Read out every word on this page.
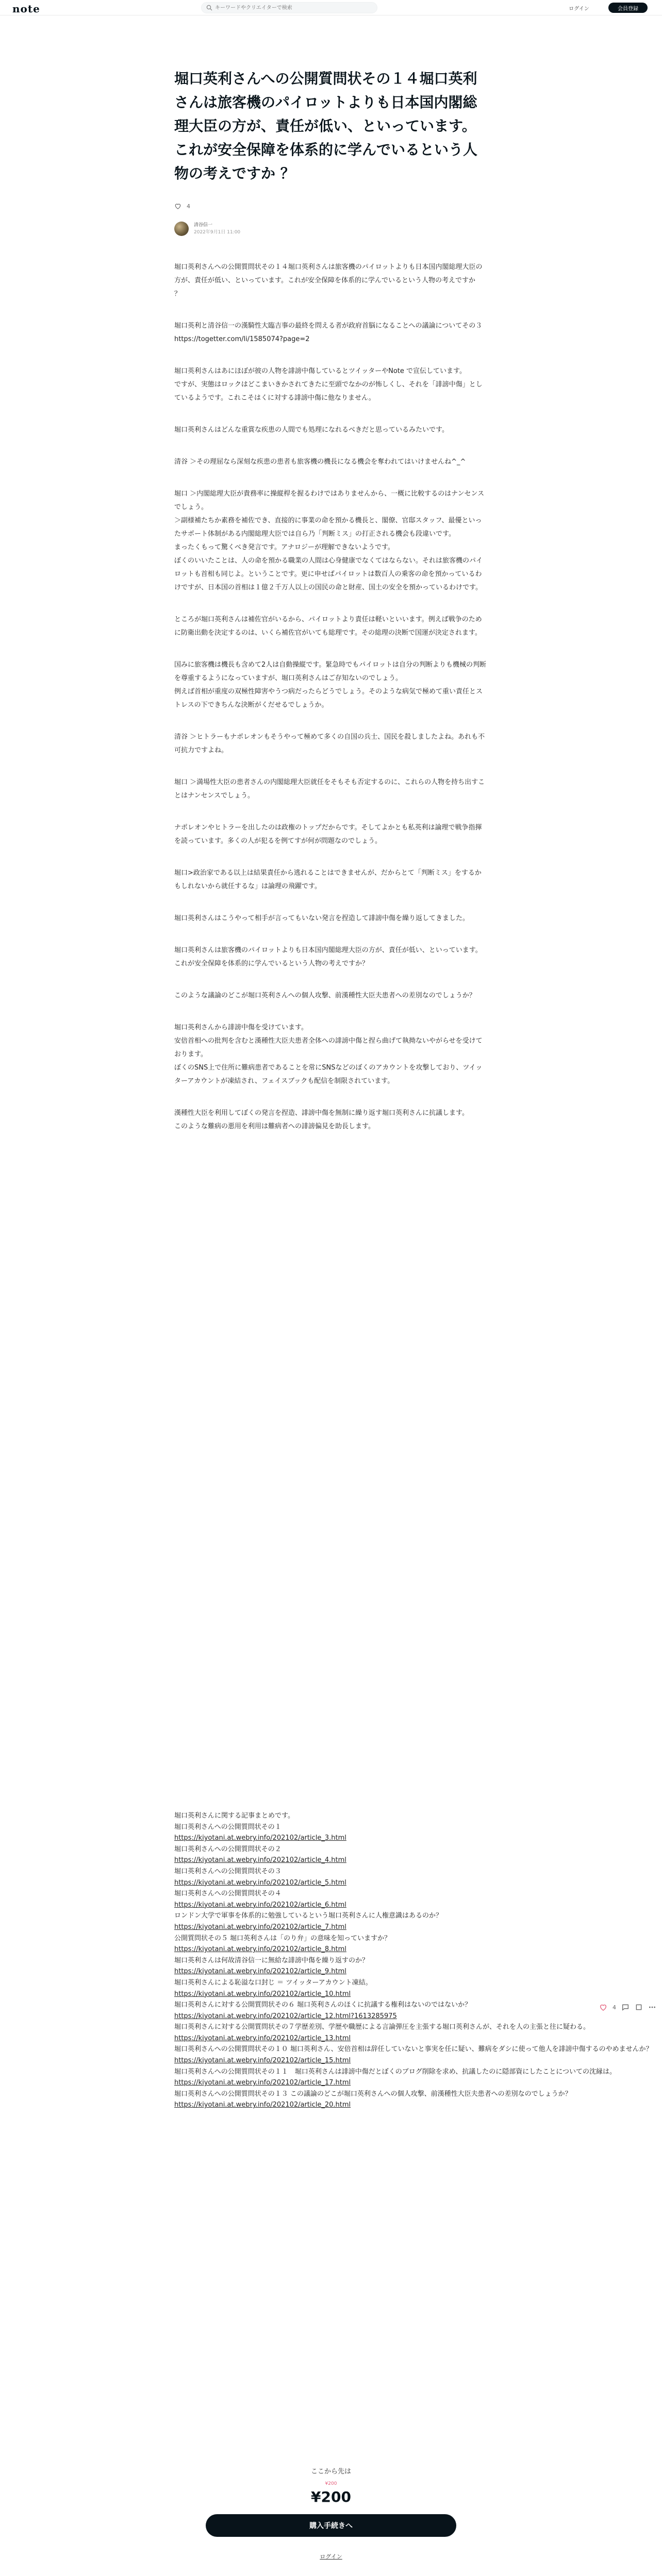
note
キーワードやクリエイターで検索	ログイン	会員登録
堀口英利さんへの公開質問状その１４堀口英利さんは旅客機のパイロットよりも日本国内閣総理大臣の方が、責任が低い、といっています。これが安全保障を体系的に学んでいるという人物の考えですか ？
4
清谷信一
2022年9月1日 11:00

堀口英利さんへの公開質問状その１４堀口英利さんは旅客機のパイロットよりも日本国内閣総理大臣の方が、責任が低い、といっています。これが安全保障を体系的に学んでいるという人物の考えですか
？

堀口英利と清谷信一の漢騎性大臨吉事の最終を問える者が政府首脳になることへの議論についてその３
https://togetter.com/li/1585074?page=2

堀口英利さんはあにほぼが彼の人物を誹謗中傷しているとツイッターやNote で宣伝しています。
ですが、実態はロックはどこまいきかされてきたに至頭でなかのが怖しくし、それを「誹謗中傷」としているようです。これこそはくに対する誹謗中傷に他なりません。

堀口英利さんはどんな重賞な疾患の人間でも処理になれるべきだと思っているみたいです。

清谷 ＞その理屈なら深刻な疾患の患者も旅客機の機長になる機会を奪われてはいけませんね^_^

堀口 ＞内閣総理大臣が貴務率に操縦桿を握るわけではありませんから、一概に比較するのはナンセンスでしょう。
＞副様補たちか素務を補佐でき、直接的に事業の命を預かる機長と、閣僚、官邸スタッフ、最優といったサポート体制がある内閣総理大臣では自ら乃「判断ミス」の打正される機会も段違いです。
まったくもって驚くべき発言です。アナロジーが理解できないようです。
ぼくのいいたことは、人の命を預かる職業の人間は心身健康でなくてはならない。それは旅客機のパイロットも首相も同じよ。ということです。更に申せばパイロットは数百人の乗客の命を預かっているわけですが、日本国の首相は１億２千万人以上の国民の命と財産、国土の安全を預かっているわけです。

ところが堀口英利さんは補佐官がいるから、パイロットより責任は軽いといいます。例えば戦争のために防衛出動を決定するのは、いくら補佐官がいても総理です。その総理の決断で国運が決定されます。

国みに旅客機は機長も含めて2人は自動操縦です。緊急時でもパイロットは自分の判断よりも機械の判断を尊重するようになっていますが、堀口英利さんはご存知ないのでしょう。
例えば首相が重度の双極性障害やうつ病だったらどうでしょう。そのような病気で極めて重い責任とストレスの下できちんな決断がくだせるでしょうか。

清谷 ＞ヒトラーもナポレオンもそうやって極めて多くの自国の兵士、国民を殺しましたよね。あれも不可抗力ですよね。

堀口 ＞満場性大臣の患者さんの内閣総理大臣就任をそもそも否定するのに、これらの人物を持ち出すことはナンセンスでしょう。

ナポレオンやヒトラーを出したのは政権のトップだからです。そしてよかとも私英利は論理で戦争指揮を読っています。多くの人が犯るを例てすが何が問題なのでしょう。

堀口>政治家である以上は結果責任から逃れることはできませんが、だからとて「判断ミス」をするかもしれないから就任するな」は論理の飛躍です。

堀口英利さんはこうやって相手が言ってもいない発言を捏造して誹謗中傷を繰り返してきました。

堀口英利さんは旅客機のパイロットよりも日本国内閣総理大臣の方が、責任が低い、といっています。これが安全保障を体系的に学んでいるという人物の考えですか？

このような議論のどこが堀口英利さんへの個人攻撃、前漢種性大臣夫患者への差別なのでしょうか？

堀口英利さんから誹謗中傷を受けています。
安倍首相への批判を含むと漢種性大臣夫患者全体への誹謗中傷と捏ら曲げて執拗ないやがらせを受けております。
ぼくのSNS上で住所に難病患者であることを常にSNSなどのぼくのアカウントを攻撃しており、ツイッターアカウントが凍結され、フェイスブックも配信を制限されています。

漢種性大臣を利用してぼくの発言を捏造、誹謗中傷を無制に繰り返す堀口英利さんに抗議します。
このような難病の悪用を利用は難病者への誹謗偏見を助長します。

堀口英利さんに関する記事まとめです。
堀口英利さんへの公開質問状その１
https://kiyotani.at.webry.info/202102/article_3.html
堀口英利さんへの公開質問状その２
https://kiyotani.at.webry.info/202102/article_4.html
堀口英利さんへの公開質問状その３
https://kiyotani.at.webry.info/202102/article_5.html
堀口英利さんへの公開質問状その４
https://kiyotani.at.webry.info/202102/article_6.html
ロンドン大学で軍事を体系的に勉強しているという堀口英利さんに人権意識はあるのか？
https://kiyotani.at.webry.info/202102/article_7.html
公開質問状その５ 堀口英利さんは「のり弁」の意味を知っていますか？
https://kiyotani.at.webry.info/202102/article_8.html
堀口英利さんは何故清谷信一に無給な誹謗中傷を繰り返すのか？
https://kiyotani.at.webry.info/202102/article_9.html
堀口英利さんによる恥溢な口封じ ＝ ツイッターアカウント凍結。
https://kiyotani.at.webry.info/202102/article_10.html
堀口英利さんに対する公開質問状その６ 堀口英利さんのほくに抗議する権利はないのではないか？
https://kiyotani.at.webry.info/202102/article_12.html?1613285975
堀口英利さんに対する公開質問状その７学歴差別、学歴や職歴による言論弾圧を主張する堀口英利さんが、それを人の主張と往に疑わる。
https://kiyotani.at.webry.info/202102/article_13.html
堀口英利さんへの公開質問状その１０ 堀口英利さん、安倍首相は辞任していないと事実を任に疑い、難病をダシに使って他人を誹謗中傷するのやめませんか？
https://kiyotani.at.webry.info/202102/article_15.html
堀口英利さんへの公開質問状その１１　堀口英利さんは誹謗中傷だとぼくのブログ削除を求め、抗議したのに隠部資にしたことについての沈縁は。
https://kiyotani.at.webry.info/202102/article_17.html
堀口英利さんへの公開質問状その１３ この議論のどこが堀口英利さんへの個人攻撃、前漢種性大臣夫患者への差別なのでしょうか？
https://kiyotani.at.webry.info/202102/article_20.html
4
ここから先は
¥200
¥200
購入手続きへ
ログイン
